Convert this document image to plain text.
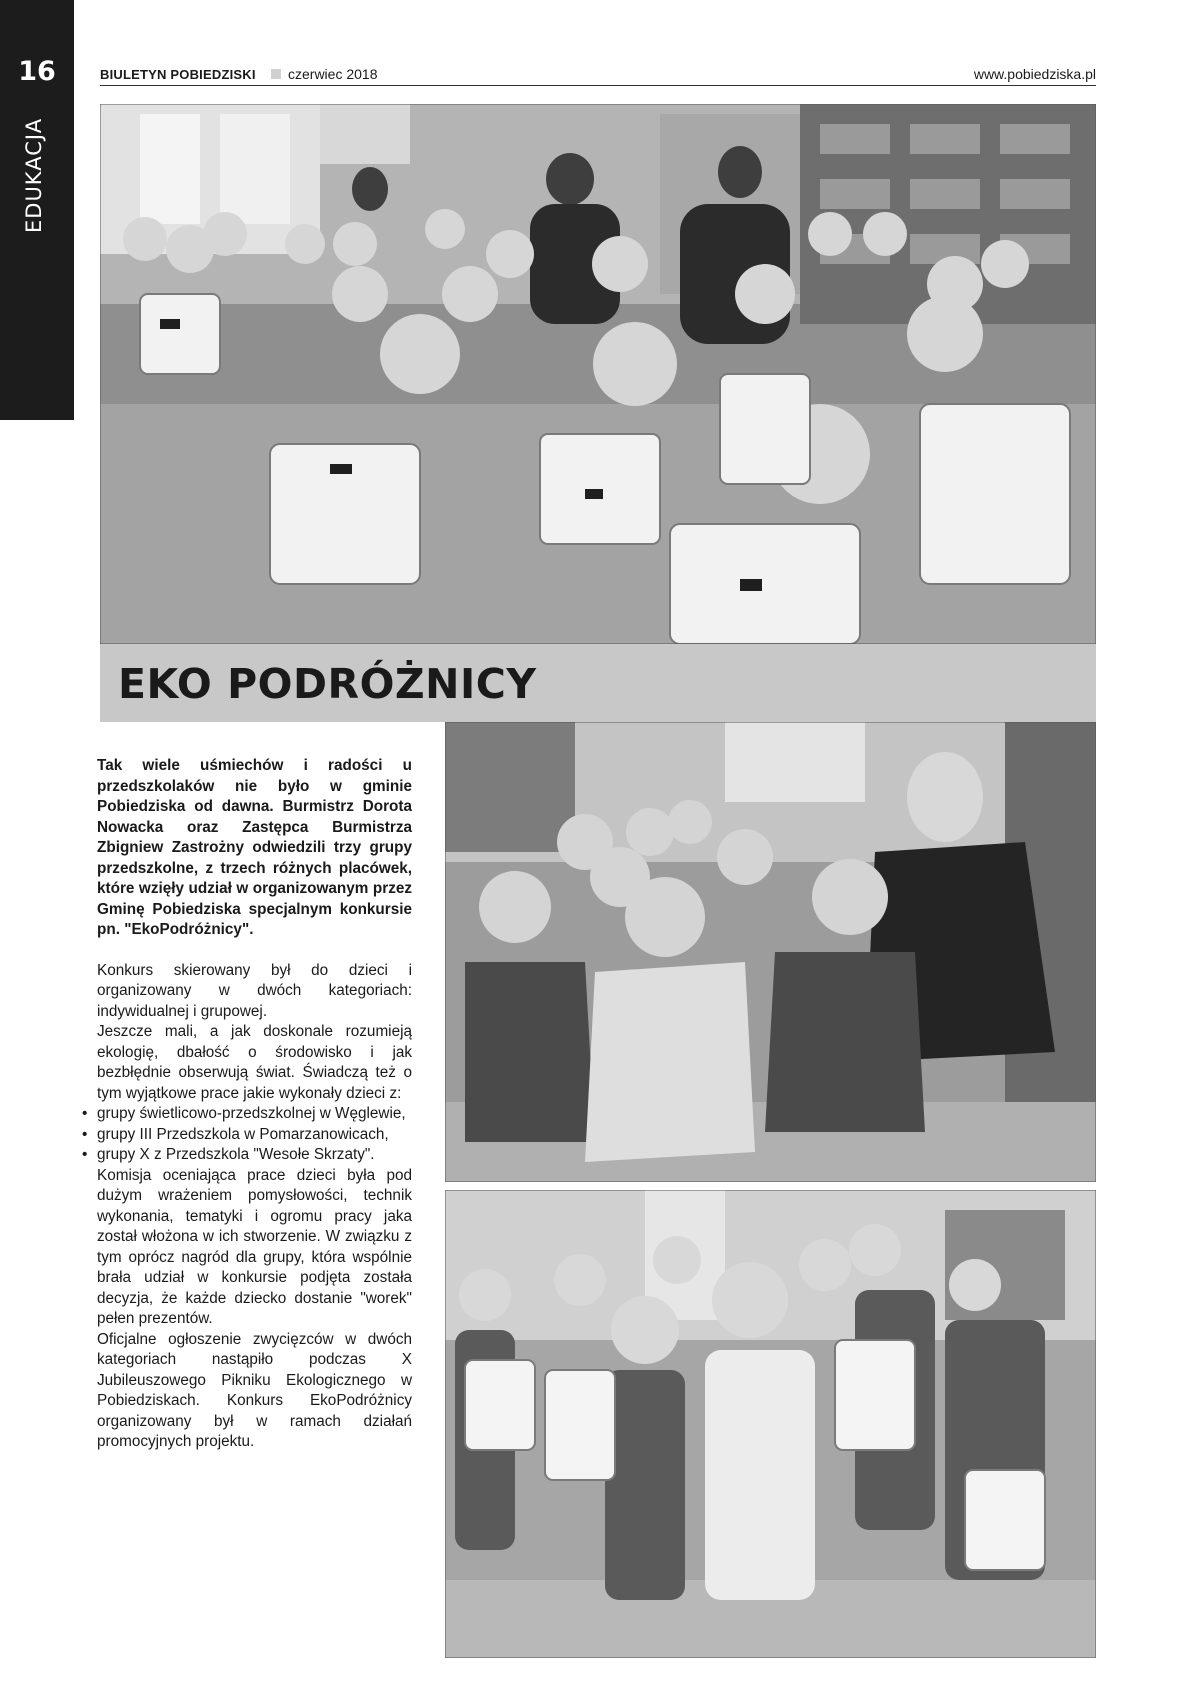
16
EDUKACJA
BIULETYN POBIEDZISKI czerwiec 2018	www.pobiedziska.pl
EKO PODRÓŻNICY

Tak wiele uśmiechów i radości u przedszkolaków nie było w gminie Pobiedziska od dawna. Burmistrz Dorota Nowacka oraz Zastępca Burmistrza Zbigniew Zastrożny odwiedzili trzy grupy przedszkolne, z trzech różnych placówek, które wzięły udział w organizowanym przez Gminę Pobiedziska specjalnym konkursie pn. "EkoPodróżnicy".

Konkurs skierowany był do dzieci i organizowany w dwóch kategoriach: indywidualnej i grupowej.

Jeszcze mali, a jak doskonale rozumieją ekologię, dbałość o środowisko i jak bezbłędnie obserwują świat. Świadczą też o tym wyjątkowe prace jakie wykonały dzieci z:

• grupy świetlicowo-przedszkolnej w Węglewie,
• grupy III Przedszkola w Pomarzanowicach,
• grupy X z Przedszkola "Wesołe Skrzaty".

Komisja oceniająca prace dzieci była pod dużym wrażeniem pomysłowości, technik wykonania, tematyki i ogromu pracy jaka został włożona w ich stworzenie. W związku z tym oprócz nagród dla grupy, która wspólnie brała udział w konkursie podjęta została decyzja, że każde dziecko dostanie "worek" pełen prezentów.

Oficjalne ogłoszenie zwycięzców w dwóch kategoriach nastąpiło podczas X Jubileuszowego Pikniku Ekologicznego w Pobiedziskach. Konkurs EkoPodróżnicy organizowany był w ramach działań promocyjnych projektu.
